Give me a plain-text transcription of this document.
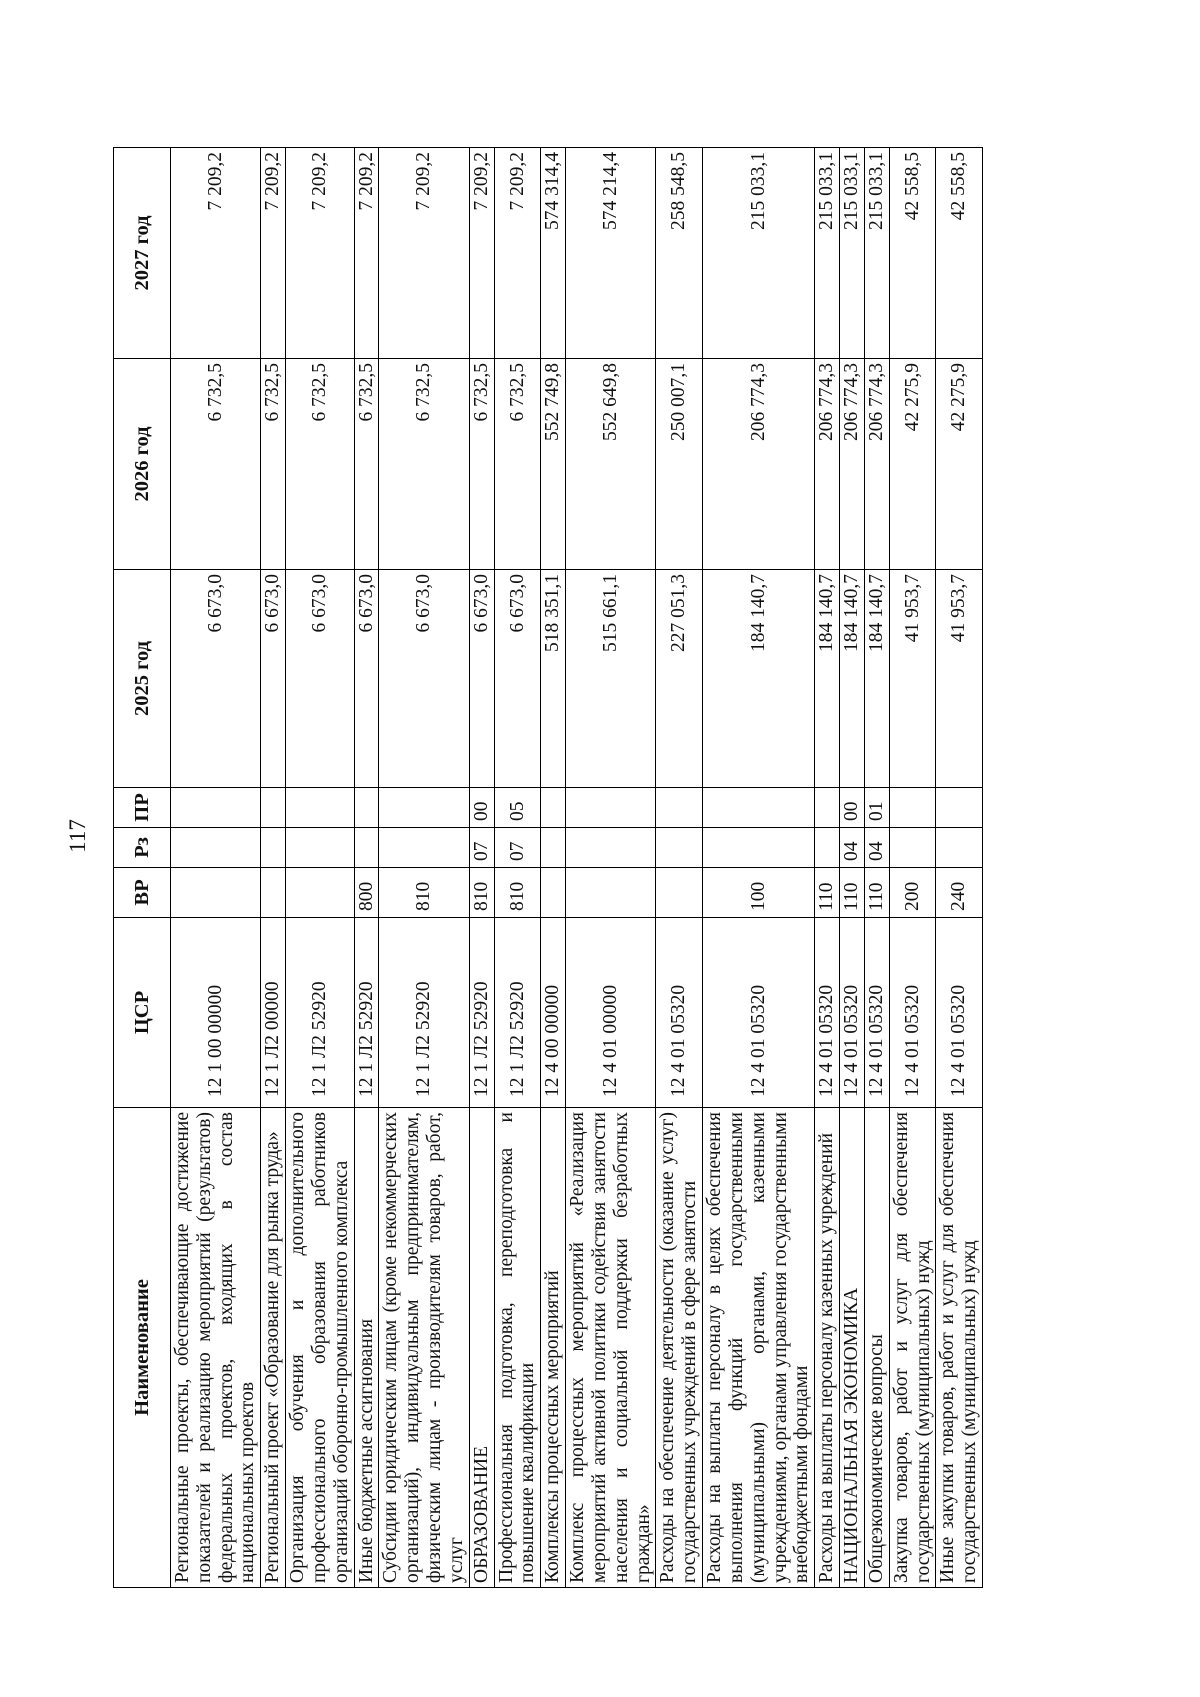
117
Наименование	ЦСР	ВР	Рз	ПР	2025 год	2026 год	2027 год
Региональные проекты, обеспечивающие достижение показателей и реализацию мероприятий (результатов) федеральных проектов, входящих в состав национальных проектов	12 1 00 00000				6 673,0	6 732,5	7 209,2
Региональный проект «Образование для рынка труда»	12 1 Л2 00000				6 673,0	6 732,5	7 209,2
Организация обучения и дополнительного профессионального образования работников организаций оборонно-промышленного комплекса	12 1 Л2 52920				6 673,0	6 732,5	7 209,2
Иные бюджетные ассигнования	12 1 Л2 52920	800			6 673,0	6 732,5	7 209,2
Субсидии юридическим лицам (кроме некоммерческих организаций), индивидуальным предпринимателям, физическим лицам - производителям товаров, работ, услуг	12 1 Л2 52920	810			6 673,0	6 732,5	7 209,2
ОБРАЗОВАНИЕ	12 1 Л2 52920	810	07	00	6 673,0	6 732,5	7 209,2
Профессиональная подготовка, переподготовка и повышение квалификации	12 1 Л2 52920	810	07	05	6 673,0	6 732,5	7 209,2
Комплексы процессных мероприятий	12 4 00 00000				518 351,1	552 749,8	574 314,4
Комплекс процессных мероприятий «Реализация мероприятий активной политики содействия занятости населения и социальной поддержки безработных граждан»	12 4 01 00000				515 661,1	552 649,8	574 214,4
Расходы на обеспечение деятельности (оказание услуг) государственных учреждений в сфере занятости	12 4 01 05320				227 051,3	250 007,1	258 548,5
Расходы на выплаты персоналу в целях обеспечения выполнения функций государственными (муниципальными) органами, казенными учреждениями, органами управления государственными внебюджетными фондами	12 4 01 05320	100			184 140,7	206 774,3	215 033,1
Расходы на выплаты персоналу казенных учреждений	12 4 01 05320	110			184 140,7	206 774,3	215 033,1
НАЦИОНАЛЬНАЯ ЭКОНОМИКА	12 4 01 05320	110	04	00	184 140,7	206 774,3	215 033,1
Общеэкономические вопросы	12 4 01 05320	110	04	01	184 140,7	206 774,3	215 033,1
Закупка товаров, работ и услуг для обеспечения государственных (муниципальных) нужд	12 4 01 05320	200			41 953,7	42 275,9	42 558,5
Иные закупки товаров, работ и услуг для обеспечения государственных (муниципальных) нужд	12 4 01 05320	240			41 953,7	42 275,9	42 558,5
